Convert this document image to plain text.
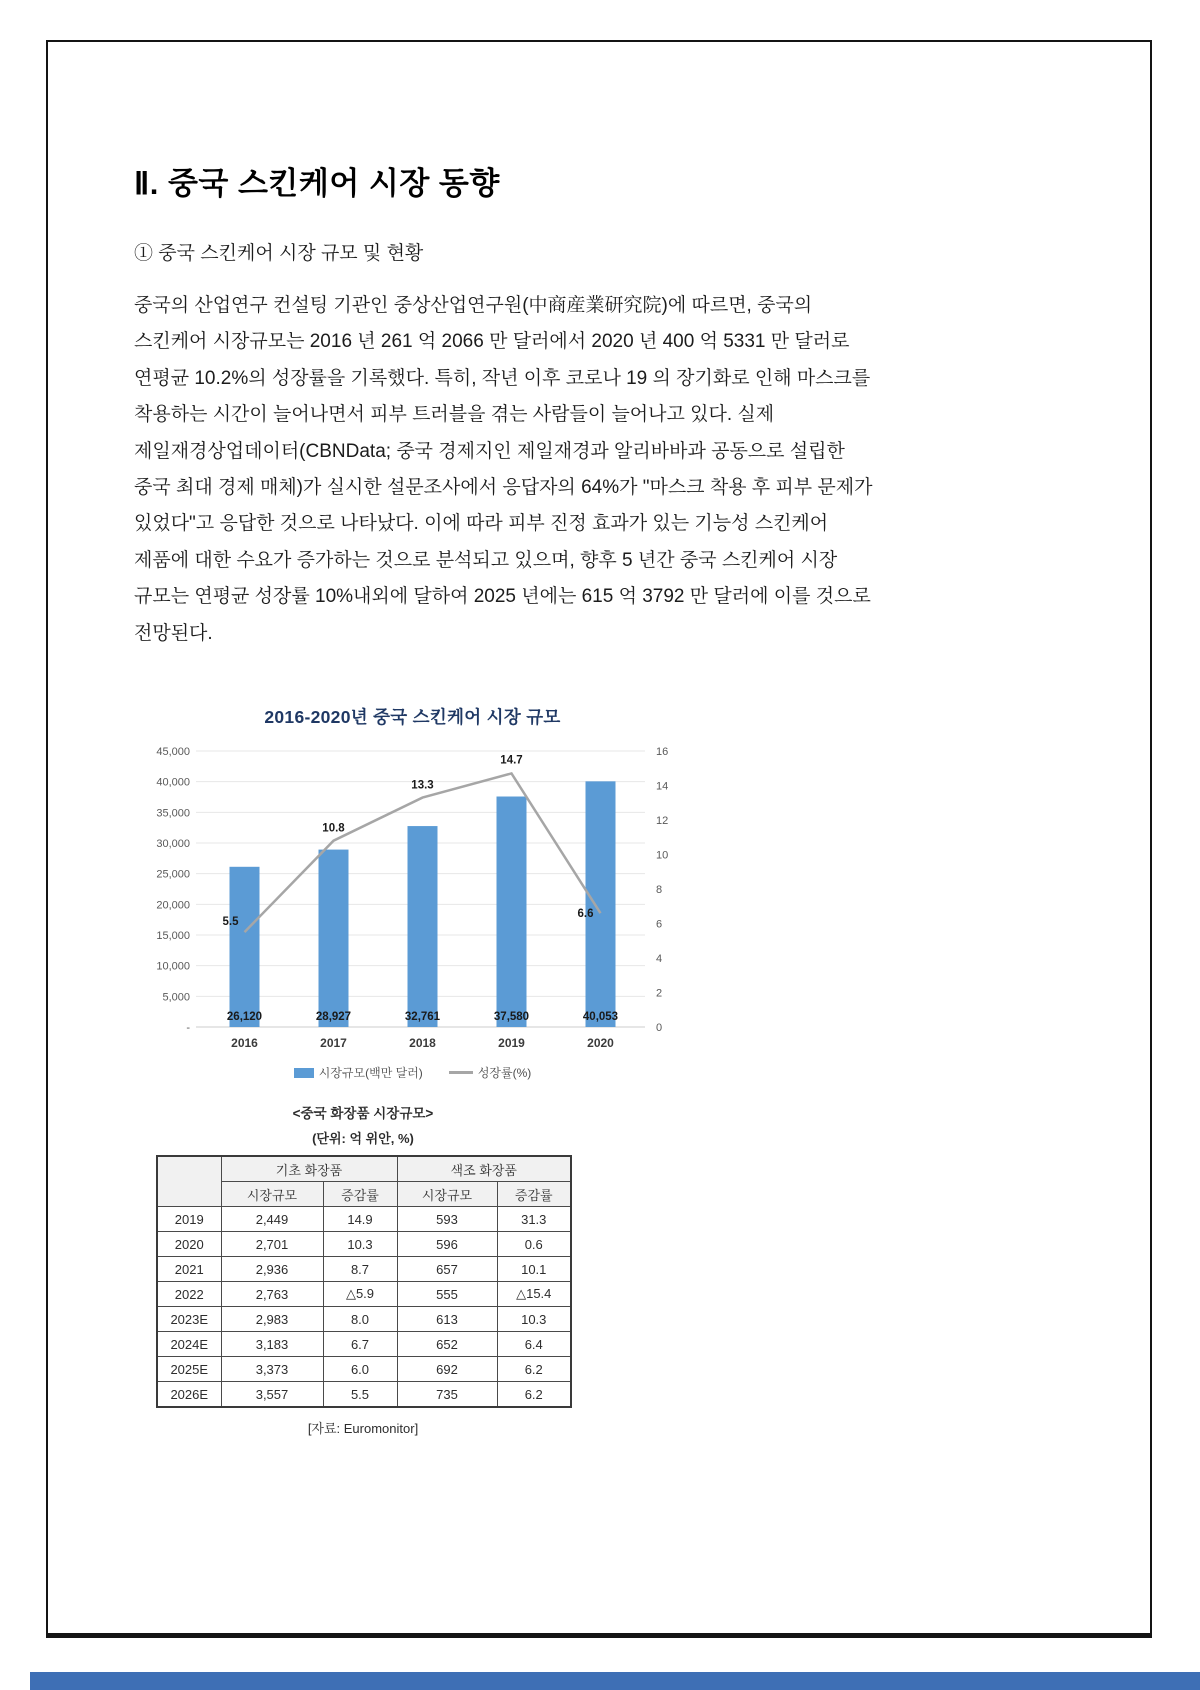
Ⅱ. 중국 스킨케어 시장 동향
① 중국 스킨케어 시장 규모 및 현황
중국의 산업연구 컨설팅 기관인 중상산업연구원(中商産業研究院)에 따르면, 중국의
스킨케어 시장규모는 2016 년 261 억 2066 만 달러에서 2020 년 400 억 5331 만 달러로
연평균 10.2%의 성장률을 기록했다. 특히, 작년 이후 코로나 19 의 장기화로 인해 마스크를
착용하는 시간이 늘어나면서 피부 트러블을 겪는 사람들이 늘어나고 있다. 실제
제일재경상업데이터(CBNData; 중국 경제지인 제일재경과 알리바바과 공동으로 설립한
중국 최대 경제 매체)가 실시한 설문조사에서 응답자의 64%가 "마스크 착용 후 피부 문제가
있었다"고 응답한 것으로 나타났다. 이에 따라 피부 진정 효과가 있는 기능성 스킨케어
제품에 대한 수요가 증가하는 것으로 분석되고 있으며, 향후 5 년간 중국 스킨케어 시장
규모는 연평균 성장률 10%내외에 달하여 2025 년에는 615 억 3792 만 달러에 이를 것으로
전망된다.
2016-2020년 중국 스킨케어 시장 규모
-
5,000
10,000
15,000
20,000
25,000
30,000
35,000
40,000
45,000
0
2
4
6
8
10
12
14
16
26,120
2016
28,927
2017
32,761
2018
37,580
2019
40,053
2020
5.5
10.8
13.3
14.7
6.6
시장규모(백만 달러)	성장률(%)
<중국 화장품 시장규모>
(단위: 억 위안, %)
	기초 화장품		색조 화장품	
	시장규모	증감률	시장규모	증감률
2019	2,449	14.9	593	31.3
2020	2,701	10.3	596	0.6
2021	2,936	8.7	657	10.1
2022	2,763	△5.9	555	△15.4
2023E	2,983	8.0	613	10.3
2024E	3,183	6.7	652	6.4
2025E	3,373	6.0	692	6.2
2026E	3,557	5.5	735	6.2
[자료: Euromonitor]
